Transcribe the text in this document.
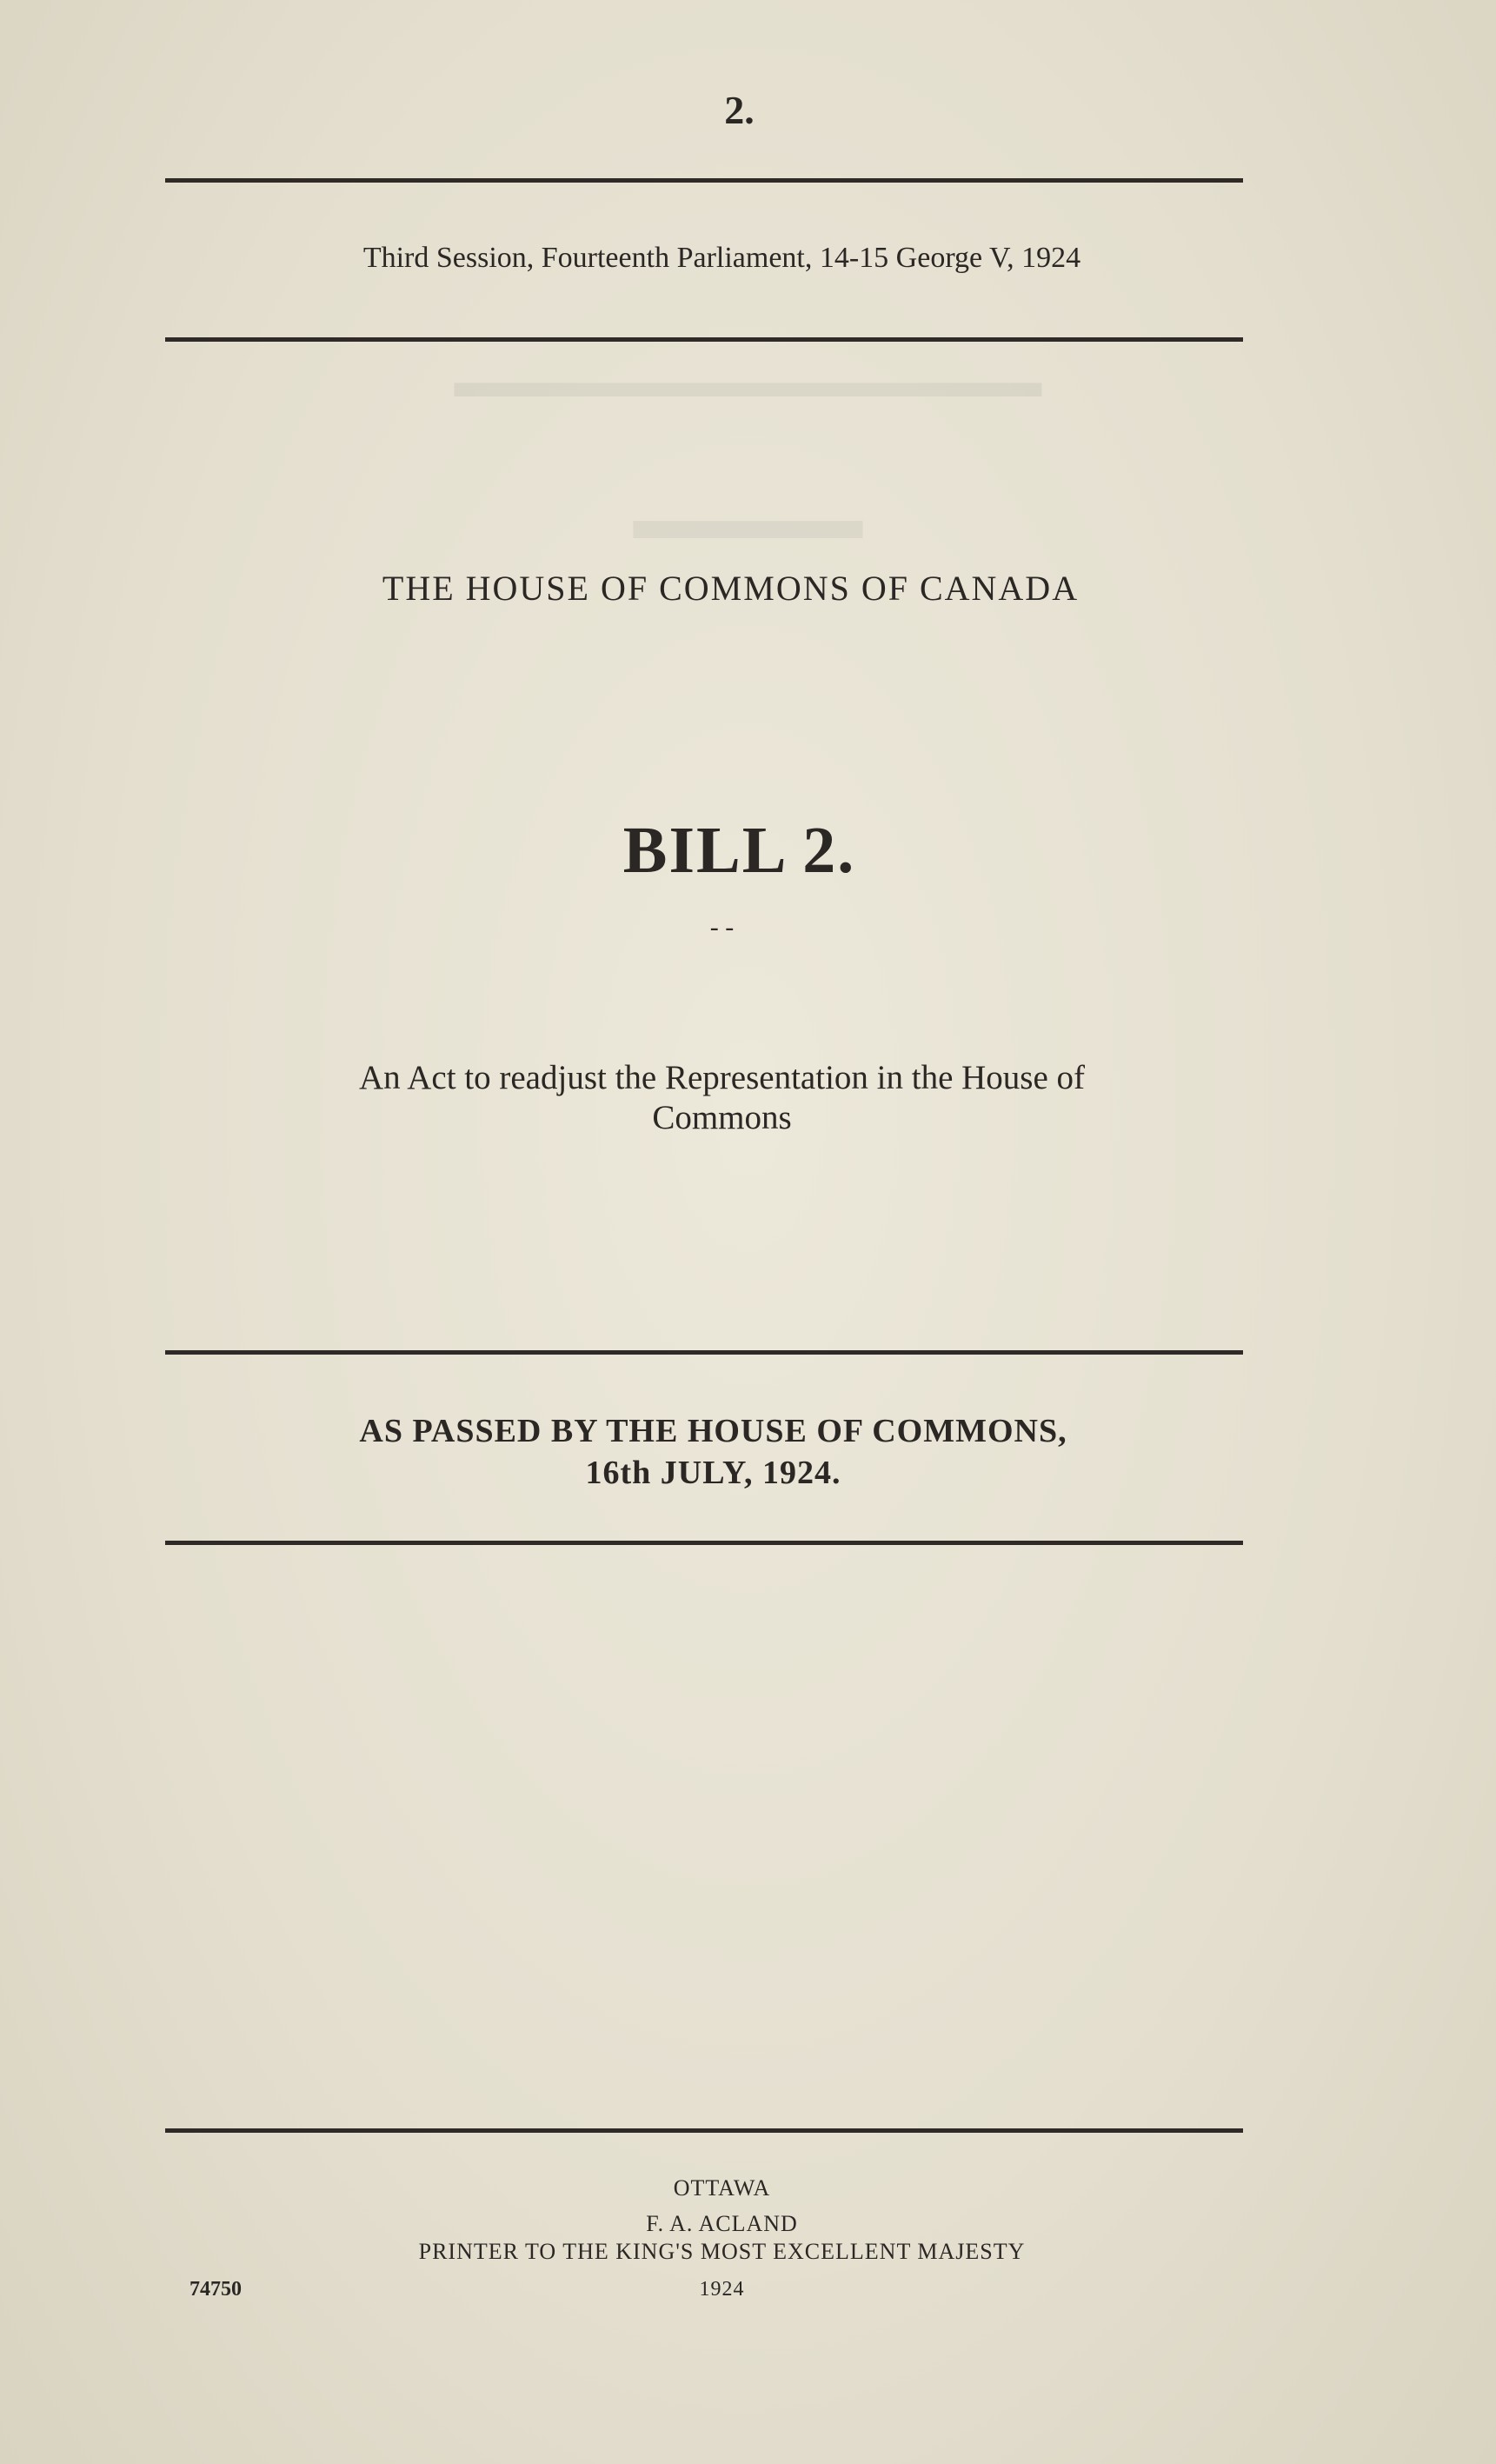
▬▬▬▬▬▬▬▬▬▬▬▬▬
▬▬▬▬
2.
Third Session, Fourteenth Parliament, 14-15 George V, 1924
THE HOUSE OF COMMONS OF CANADA
BILL 2.
- -
An Act to readjust the Representation in the House of
Commons
AS PASSED BY THE HOUSE OF COMMONS,
16th JULY, 1924.
OTTAWA
F. A. ACLAND
PRINTER TO THE KING'S MOST EXCELLENT MAJESTY
1924
74750
